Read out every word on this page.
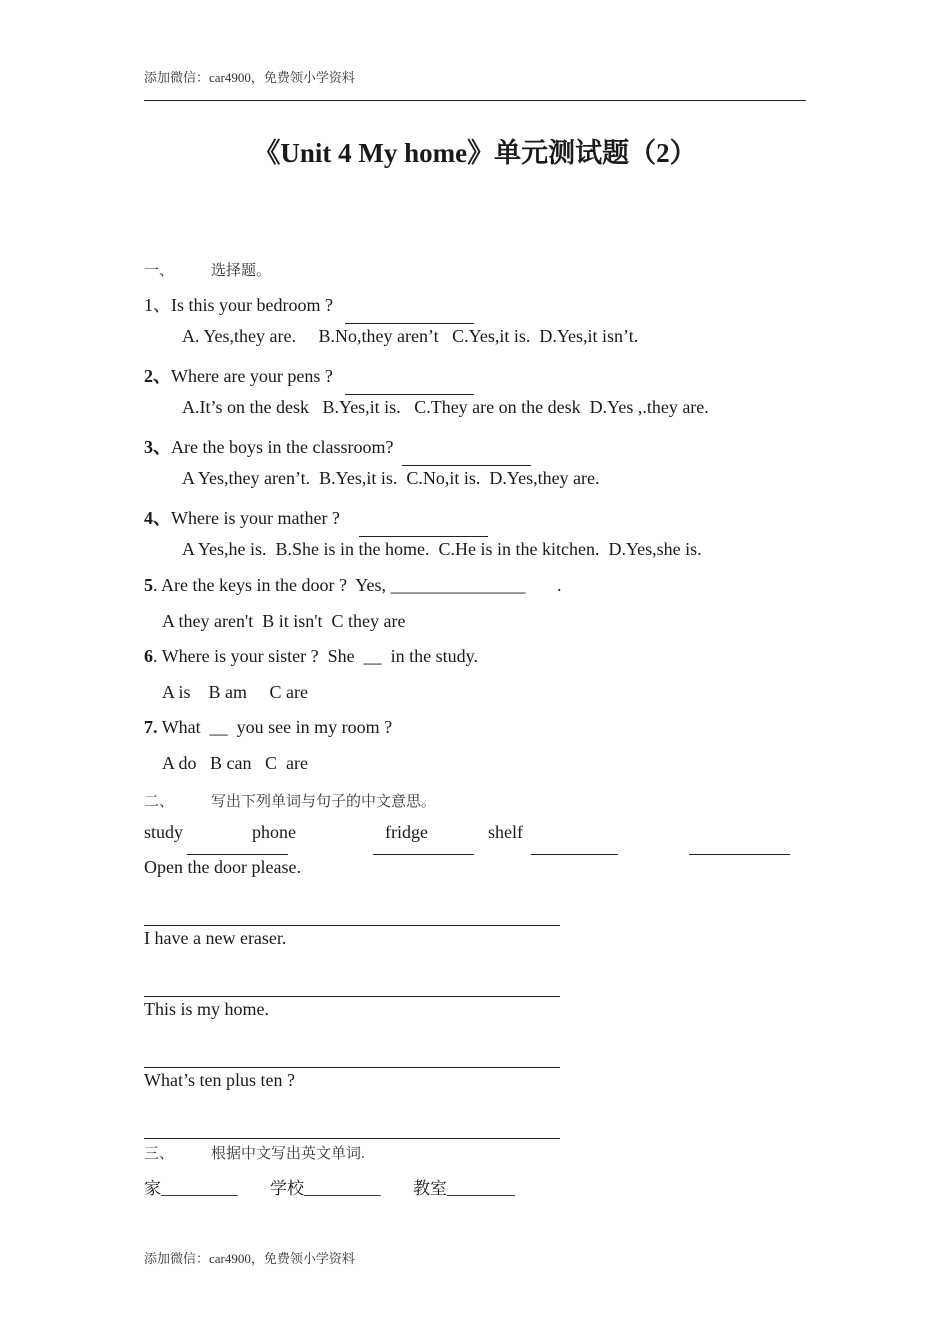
添加微信：car4900，免费领小学资料
《Unit 4 My home》单元测试题（2）
一、 选择题。
1、Is this your bedroom ?
A. Yes,they are.     B.No,they aren’t   C.Yes,it is.  D.Yes,it isn’t.
2、Where are your pens ?
A.It’s on the desk   B.Yes,it is.   C.They are on the desk  D.Yes ,.they are.
3、Are the boys in the classroom?
A Yes,they aren’t.  B.Yes,it is.  C.No,it is.  D.Yes,they are.
4、Where is your mather ?
A Yes,he is.  B.She is in the home.  C.He is in the kitchen.  D.Yes,she is.
5. Are the keys in the door ?  Yes, _______________       .
A they aren't  B it isn't  C they are
6. Where is your sister ?  She  __  in the study.
A is    B am     C are
7. What  __  you see in my room ?
A do   B can   C  are
二、 写出下列单词与句子的中文意思。
study	phone	fridge	shelf
Open the door please.
I have a new eraser.
This is my home.
What’s ten plus ten ?
三、 根据中文写出英文单词.
家_________ 学校_________ 教室________
添加微信：car4900，免费领小学资料
